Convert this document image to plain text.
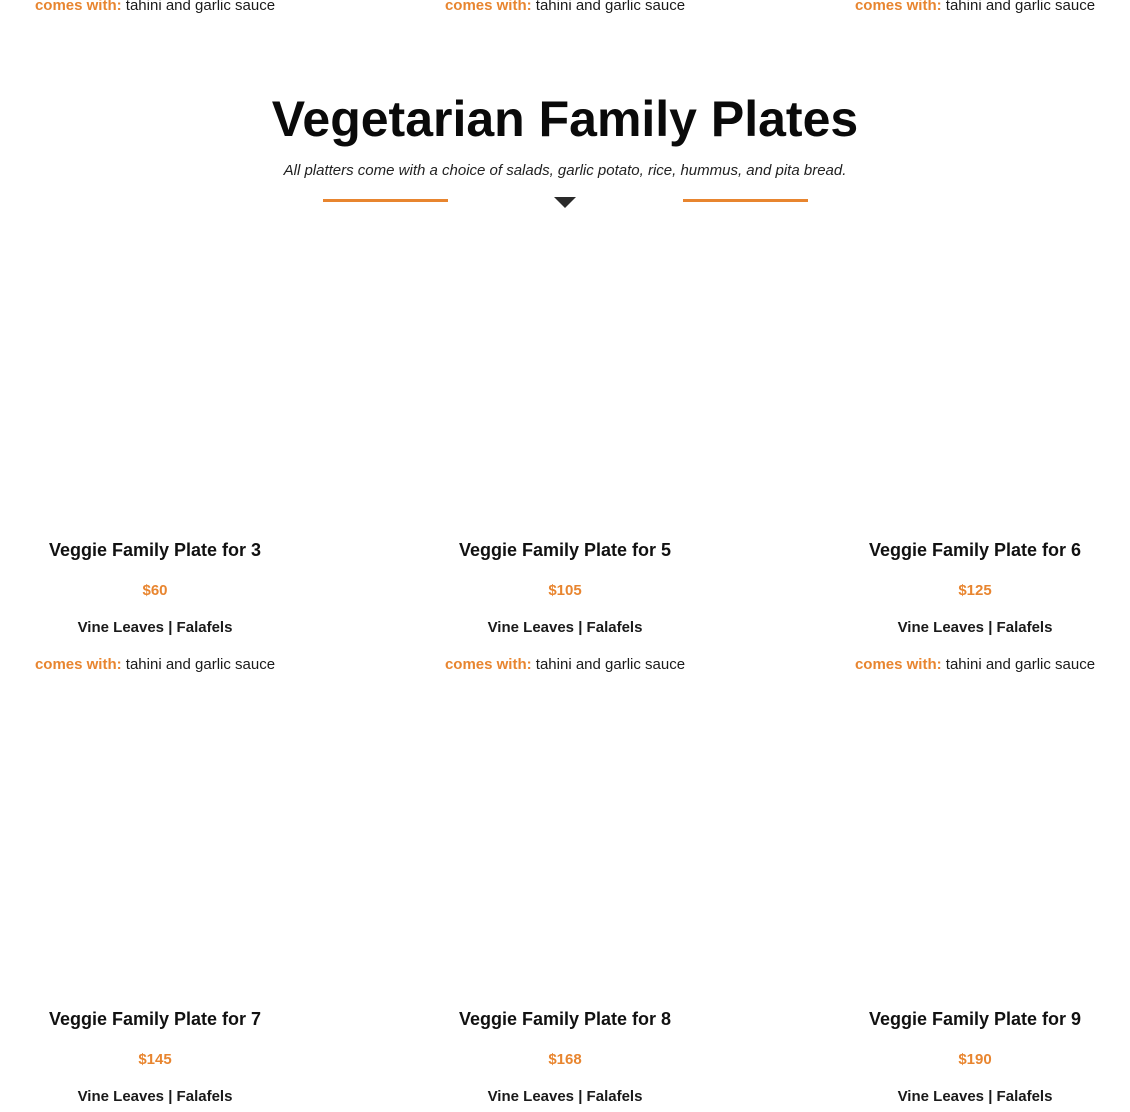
comes with: tahini and garlic sauce	comes with: tahini and garlic sauce	comes with: tahini and garlic sauce
Vegetarian Family Plates

All platters come with a choice of salads, garlic potato, rice, hummus, and pita bread.

Veggie Family Plate for 3
$60
Vine Leaves | Falafels
comes with: tahini and garlic sauce
Veggie Family Plate for 5
$105
Vine Leaves | Falafels
comes with: tahini and garlic sauce
Veggie Family Plate for 6
$125
Vine Leaves | Falafels
comes with: tahini and garlic sauce
Veggie Family Plate for 7
$145
Vine Leaves | Falafels
Veggie Family Plate for 8
$168
Vine Leaves | Falafels
Veggie Family Plate for 9
$190
Vine Leaves | Falafels
